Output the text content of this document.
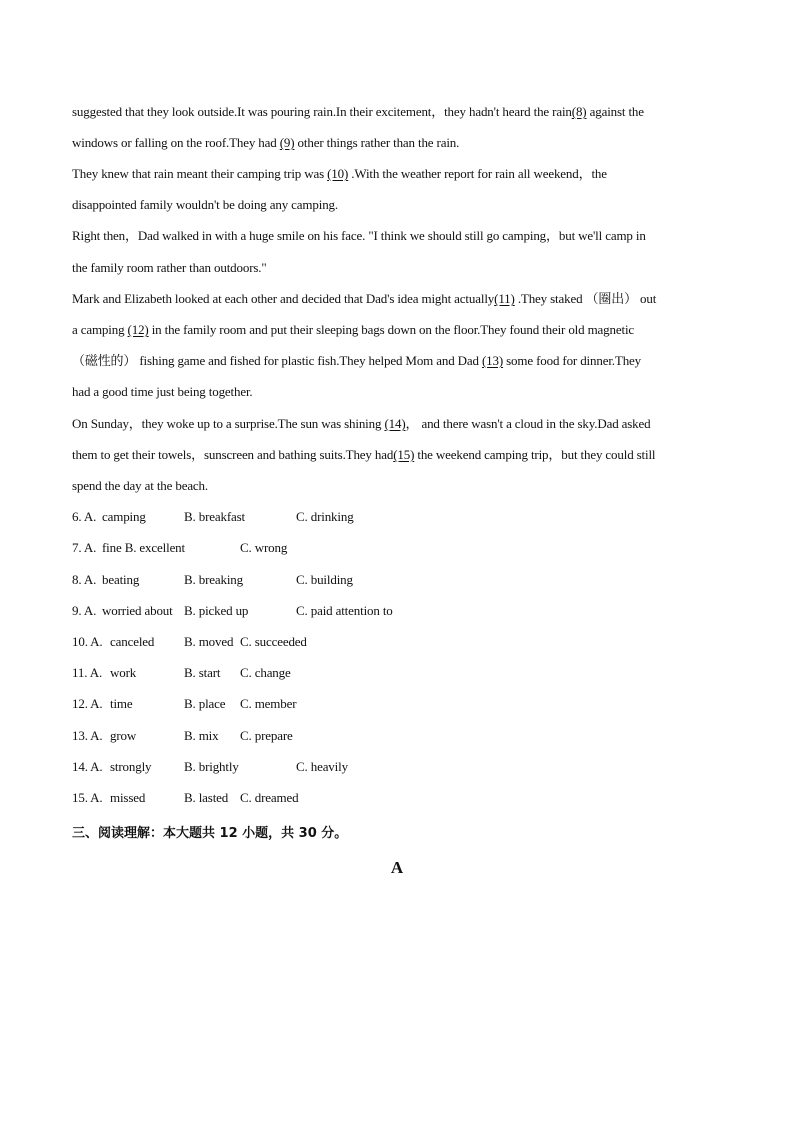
suggested that they look outside.It was pouring rain.In their excitement，they hadn't heard the rain(8) against the
windows or falling on the roof.They had (9) other things rather than the rain.
They knew that rain meant their camping trip was (10) .With the weather report for rain all weekend，the
disappointed family wouldn't be doing any camping.
Right then，Dad walked in with a huge smile on his face. "I think we should still go camping，but we'll camp in
the family room rather than outdoors."
Mark and Elizabeth looked at each other and decided that Dad's idea might actually(11) .They staked （圈出） out
a camping (12) in the family room and put their sleeping bags down on the floor.They found their old magnetic
（磁性的） fishing game and fished for plastic fish.They helped Mom and Dad (13) some food for dinner.They
had a good time just being together.
On Sunday，they woke up to a surprise.The sun was shining (14)， and there wasn't a cloud in the sky.Dad asked
them to get their towels，sunscreen and bathing suits.They had(15) the weekend camping trip，but they could still
spend the day at the beach.
6. A. camping	B. breakfast	C. drinking
7. A. fine B. excellent	C. wrong
8. A. beating	B. breaking	C. building
9. A. worried about B. picked up	C. paid attention to
10. A. canceled B. moved C. succeeded
11. A. work	B. start C. change
12. A. time	B. place C. member
13. A. grow	B. mix C. prepare
14. A. strongly	B. brightly	C. heavily
15. A. missed	B. lasted C. dreamed
三、阅读理解：本大题共 12 小题，共 30 分。
A
